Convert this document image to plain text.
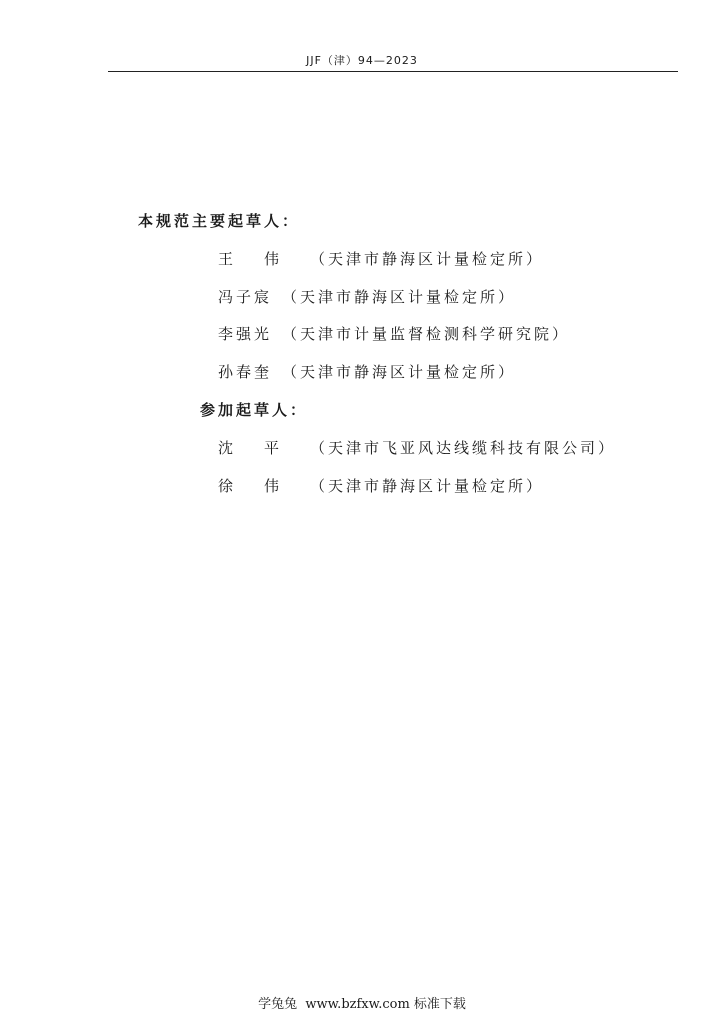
JJF（津）94—2023
本规范主要起草人：
王伟（天津市静海区计量检定所）
冯子宸 （天津市静海区计量检定所）
李强光 （天津市计量监督检测科学研究院）
孙春奎 （天津市静海区计量检定所）
参加起草人：
沈平（天津市飞亚风达线缆科技有限公司）
徐伟（天津市静海区计量检定所）
学兔兔  www.bzfxw.com 标准下载
